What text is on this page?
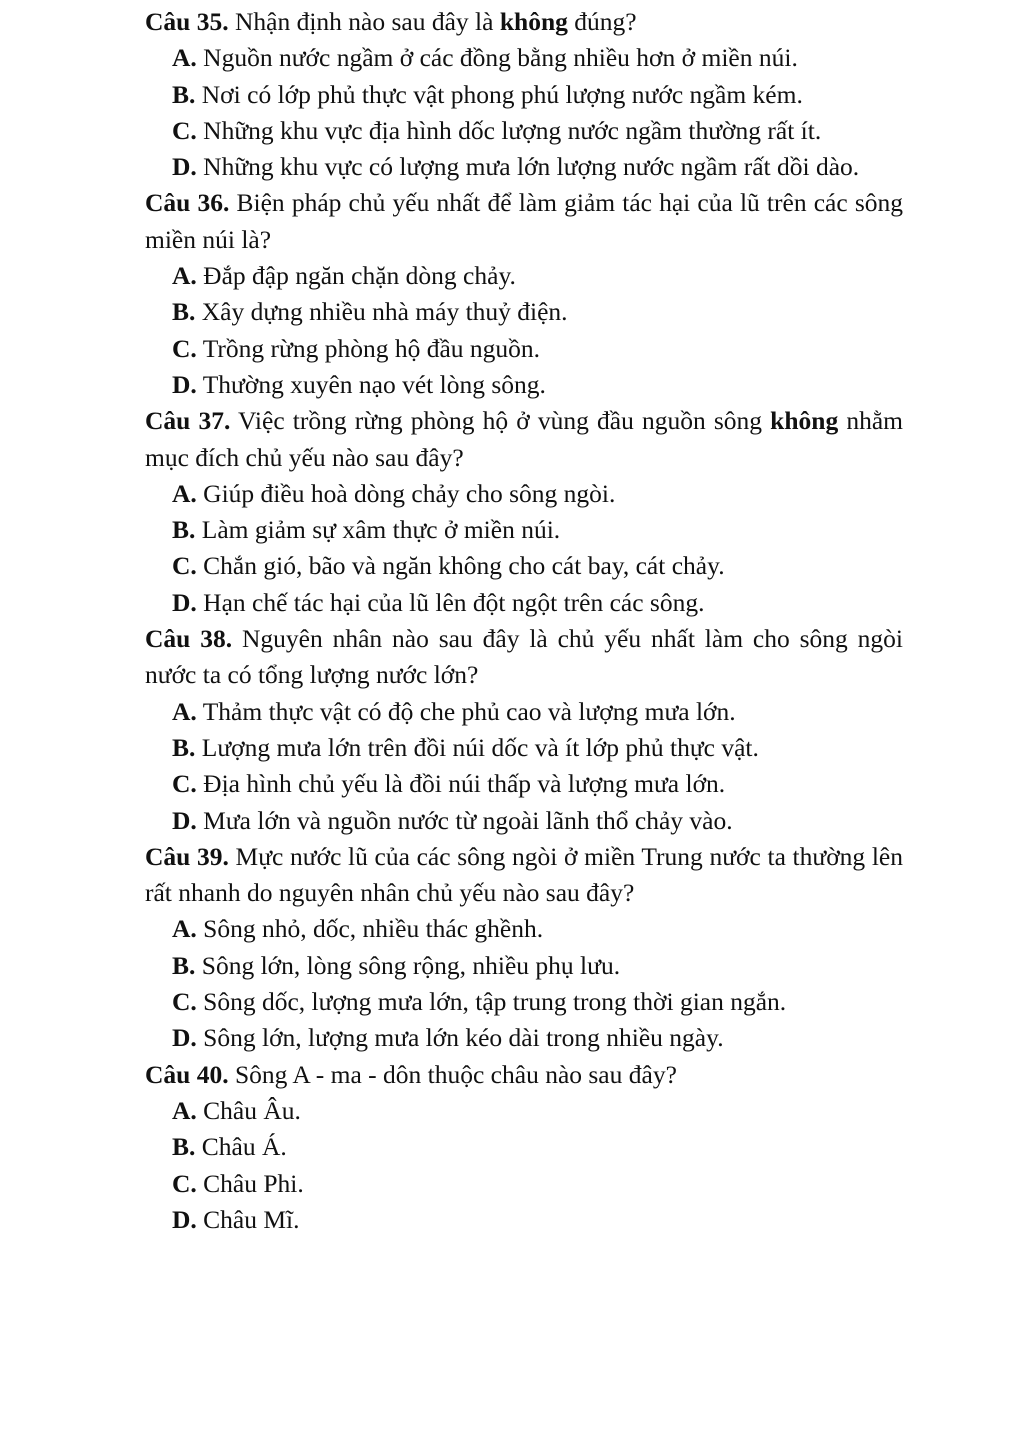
Câu 35. Nhận định nào sau đây là không đúng?

A. Nguồn nước ngầm ở các đồng bằng nhiều hơn ở miền núi.

B. Nơi có lớp phủ thực vật phong phú lượng nước ngầm kém.

C. Những khu vực địa hình dốc lượng nước ngầm thường rất ít.

D. Những khu vực có lượng mưa lớn lượng nước ngầm rất dồi dào.

Câu 36. Biện pháp chủ yếu nhất để làm giảm tác hại của lũ trên các sông miền núi là?

A. Đắp đập ngăn chặn dòng chảy.

B. Xây dựng nhiều nhà máy thuỷ điện.

C. Trồng rừng phòng hộ đầu nguồn.

D. Thường xuyên nạo vét lòng sông.

Câu 37. Việc trồng rừng phòng hộ ở vùng đầu nguồn sông không nhằm mục đích chủ yếu nào sau đây?

A. Giúp điều hoà dòng chảy cho sông ngòi.

B. Làm giảm sự xâm thực ở miền núi.

C. Chắn gió, bão và ngăn không cho cát bay, cát chảy.

D. Hạn chế tác hại của lũ lên đột ngột trên các sông.

Câu 38. Nguyên nhân nào sau đây là chủ yếu nhất làm cho sông ngòi nước ta có tổng lượng nước lớn?

A. Thảm thực vật có độ che phủ cao và lượng mưa lớn.

B. Lượng mưa lớn trên đồi núi dốc và ít lớp phủ thực vật.

C. Địa hình chủ yếu là đồi núi thấp và lượng mưa lớn.

D. Mưa lớn và nguồn nước từ ngoài lãnh thổ chảy vào.

Câu 39. Mực nước lũ của các sông ngòi ở miền Trung nước ta thường lên rất nhanh do nguyên nhân chủ yếu nào sau đây?

A. Sông nhỏ, dốc, nhiều thác ghềnh.

B. Sông lớn, lòng sông rộng, nhiều phụ lưu.

C. Sông dốc, lượng mưa lớn, tập trung trong thời gian ngắn.

D. Sông lớn, lượng mưa lớn kéo dài trong nhiều ngày.

Câu 40. Sông A - ma - dôn thuộc châu nào sau đây?

A. Châu Âu.

B. Châu Á.

C. Châu Phi.

D. Châu Mĩ.
